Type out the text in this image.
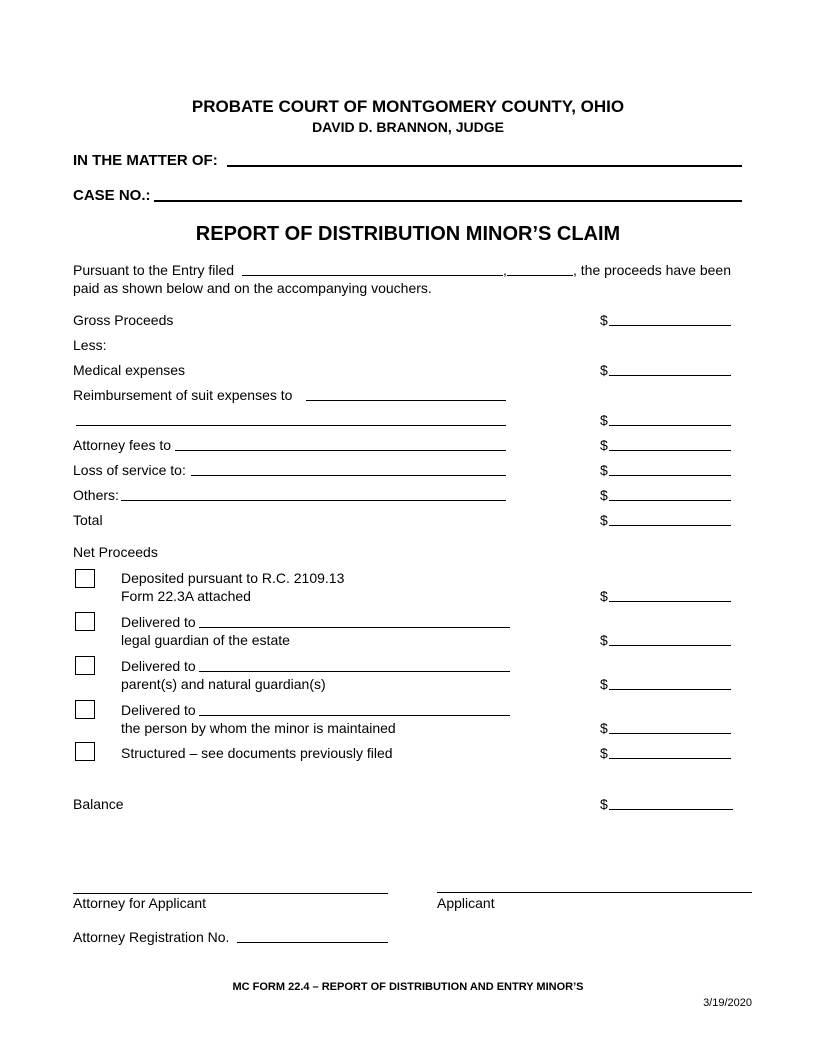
PROBATE COURT OF MONTGOMERY COUNTY, OHIO
DAVID D. BRANNON, JUDGE
IN THE MATTER OF:
CASE NO.:
REPORT OF DISTRIBUTION MINOR’S CLAIM
Pursuant to the Entry filed	,	, the proceeds have been
paid as shown below and on the accompanying vouchers.
Gross Proceeds	$
Less:
Medical expenses	$
Reimbursement of suit expenses to
$
Attorney fees to	$
Loss of service to:	$
Others:	$
Total	$
Net Proceeds
Deposited pursuant to R.C. 2109.13
Form 22.3A attached	$
Delivered to
legal guardian of the estate	$
Delivered to
parent(s) and natural guardian(s)	$
Delivered to
the person by whom the minor is maintained	$
Structured – see documents previously filed	$
Balance	$
Attorney for Applicant	Applicant
Attorney Registration No.
MC FORM 22.4 – REPORT OF DISTRIBUTION AND ENTRY MINOR’S
3/19/2020
